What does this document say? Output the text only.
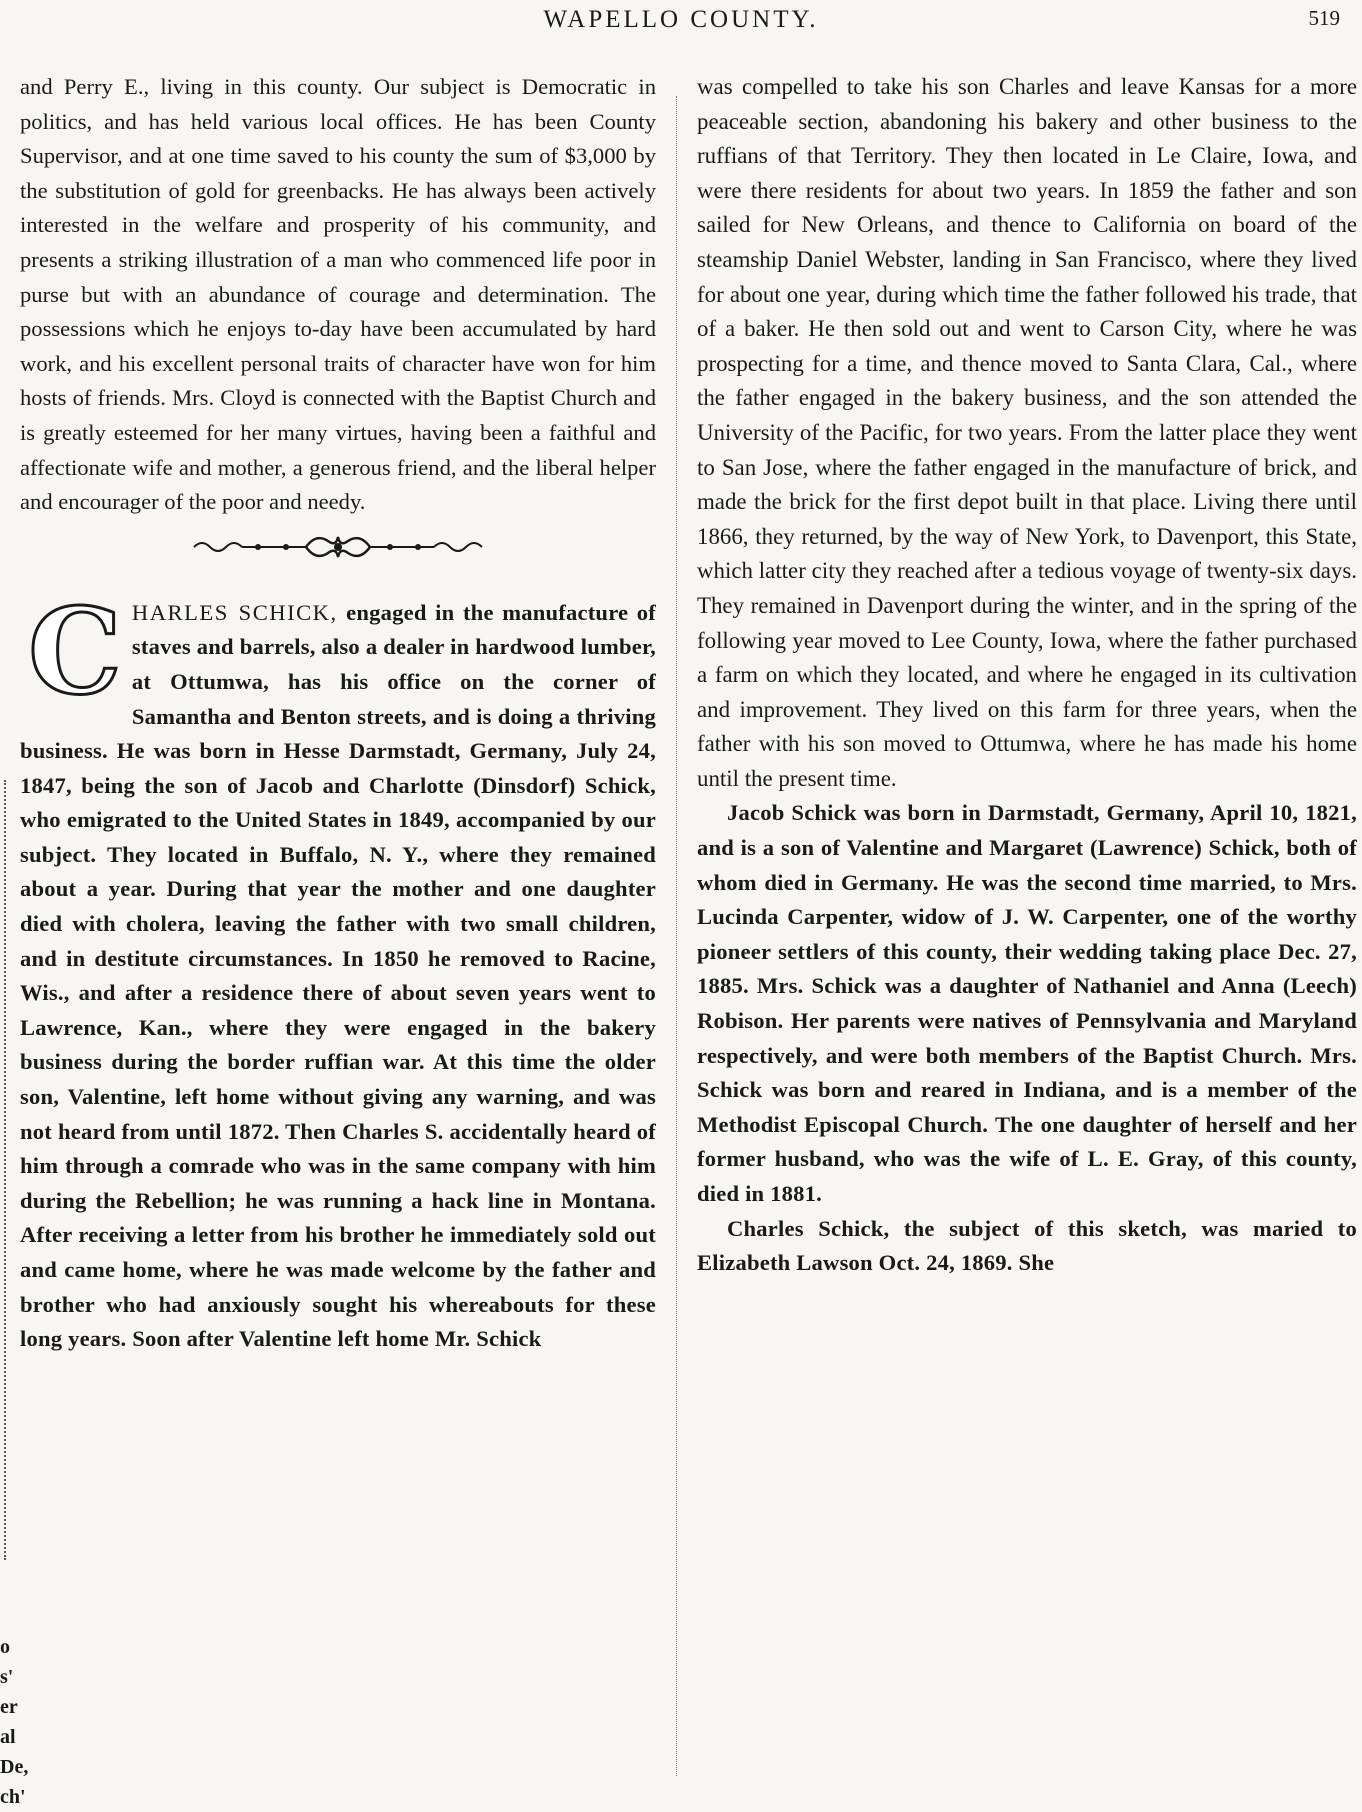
WAPELLO COUNTY.	519

and Perry E., living in this county. Our subject is Democratic in politics, and has held various local offices. He has been County Supervisor, and at one time saved to his county the sum of $3,000 by the substitution of gold for greenbacks. He has always been actively interested in the welfare and prosperity of his community, and presents a striking illustration of a man who commenced life poor in purse but with an abundance of courage and determination. The possessions which he enjoys to-day have been accumulated by hard work, and his excellent personal traits of character have won for him hosts of friends. Mrs. Cloyd is connected with the Baptist Church and is greatly esteemed for her many virtues, having been a faithful and affectionate wife and mother, a generous friend, and the liberal helper and encourager of the poor and needy.

CHARLES SCHICK, engaged in the manufacture of staves and barrels, also a dealer in hardwood lumber, at Ottumwa, has his office on the corner of Samantha and Benton streets, and is doing a thriving business. He was born in Hesse Darmstadt, Germany, July 24, 1847, being the son of Jacob and Charlotte (Dinsdorf) Schick, who emigrated to the United States in 1849, accompanied by our subject. They located in Buffalo, N. Y., where they remained about a year. During that year the mother and one daughter died with cholera, leaving the father with two small children, and in destitute circumstances. In 1850 he removed to Racine, Wis., and after a residence there of about seven years went to Lawrence, Kan., where they were engaged in the bakery business during the border ruffian war. At this time the older son, Valentine, left home without giving any warning, and was not heard from until 1872. Then Charles S. accidentally heard of him through a comrade who was in the same company with him during the Rebellion; he was running a hack line in Montana. After receiving a letter from his brother he immediately sold out and came home, where he was made welcome by the father and brother who had anxiously sought his whereabouts for these long years. Soon after Valentine left home Mr. Schick

was compelled to take his son Charles and leave Kansas for a more peaceable section, abandoning his bakery and other business to the ruffians of that Territory. They then located in Le Claire, Iowa, and were there residents for about two years. In 1859 the father and son sailed for New Orleans, and thence to California on board of the steamship Daniel Webster, landing in San Francisco, where they lived for about one year, during which time the father followed his trade, that of a baker. He then sold out and went to Carson City, where he was prospecting for a time, and thence moved to Santa Clara, Cal., where the father engaged in the bakery business, and the son attended the University of the Pacific, for two years. From the latter place they went to San Jose, where the father engaged in the manufacture of brick, and made the brick for the first depot built in that place. Living there until 1866, they returned, by the way of New York, to Davenport, this State, which latter city they reached after a tedious voyage of twenty-six days. They remained in Davenport during the winter, and in the spring of the following year moved to Lee County, Iowa, where the father purchased a farm on which they located, and where he engaged in its cultivation and improvement. They lived on this farm for three years, when the father with his son moved to Ottumwa, where he has made his home until the present time.

Jacob Schick was born in Darmstadt, Germany, April 10, 1821, and is a son of Valentine and Margaret (Lawrence) Schick, both of whom died in Germany. He was the second time married, to Mrs. Lucinda Carpenter, widow of J. W. Carpenter, one of the worthy pioneer settlers of this county, their wedding taking place Dec. 27, 1885. Mrs. Schick was a daughter of Nathaniel and Anna (Leech) Robison. Her parents were natives of Pennsylvania and Maryland respectively, and were both members of the Baptist Church. Mrs. Schick was born and reared in Indiana, and is a member of the Methodist Episcopal Church. The one daughter of herself and her former husband, who was the wife of L. E. Gray, of this county, died in 1881.

Charles Schick, the subject of this sketch, was maried to Elizabeth Lawson Oct. 24, 1869. She

o
s'
er
al
De,
ch'
